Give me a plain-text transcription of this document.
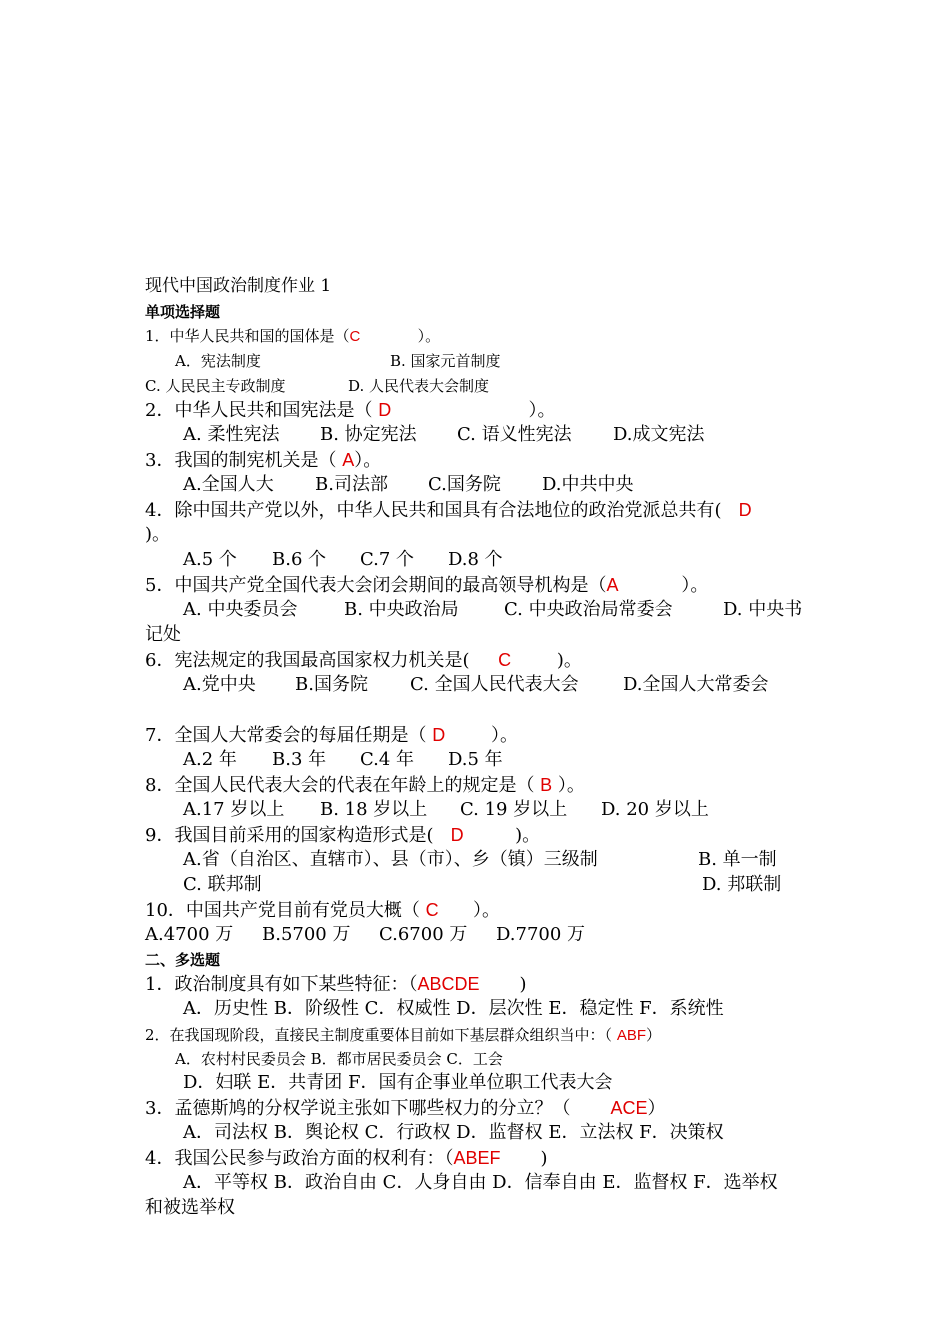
现代中国政治制度作业 1
单项选择题
1．中华人民共和国的国体是（C            ）。
A．宪法制度	B. 国家元首制度
C. 人民民主专政制度	D. 人民代表大会制度
2．中华人民共和国宪法是（ D                        ）。
A. 柔性宪法 B. 协定宪法 C. 语义性宪法 D.成文宪法
3．我国的制宪机关是（ A）。
A.全国人大 B.司法部 C.国务院 D.中共中央
4．除中国共产党以外，中华人民共和国具有合法地位的政治党派总共有(   D
)。
A.5 个 B.6 个 C.7 个 D.8 个
5．中国共产党全国代表大会闭会期间的最高领导机构是（A           ）。
A. 中央委员会	B. 中央政治局	C. 中央政治局常委会	D. 中央书
记处
6．宪法规定的我国最高国家权力机关是(     C        )。
A.党中央 B.国务院 C. 全国人民代表大会 D.全国人大常委会
7．全国人大常委会的每届任期是（ D        ）。
A.2 年 B.3 年 C.4 年 D.5 年
8．全国人民代表大会的代表在年龄上的规定是（ B ）。
A.17 岁以上 B. 18 岁以上 C. 19 岁以上 D. 20 岁以上
9．我国目前采用的国家构造形式是(   D         )。
A.省（自治区、直辖市）、县（市）、乡（镇）三级制	B. 单一制
C. 联邦制	D. 邦联制
10．中国共产党目前有党员大概（ C      ）。
A.4700 万 B.5700 万 C.6700 万 D.7700 万
二、多选题
1．政治制度具有如下某些特征：（ABCDE       )
A．历史性 B．阶级性 C．权威性 D．层次性 E．稳定性 F．系统性
2．在我国现阶段，直接民主制度重要体目前如下基层群众组织当中：（ ABF）
A．农村村民委员会 B．都市居民委员会 C．工会
D．妇联 E．共青团 F．国有企事业单位职工代表大会
3．孟德斯鸠的分权学说主张如下哪些权力的分立？（       ACE）
A．司法权 B．舆论权 C．行政权 D．监督权 E．立法权 F．决策权
4．我国公民参与政治方面的权利有：（ABEF       )
A．平等权 B．政治自由 C．人身自由 D．信奉自由 E．监督权 F．选举权
和被选举权
